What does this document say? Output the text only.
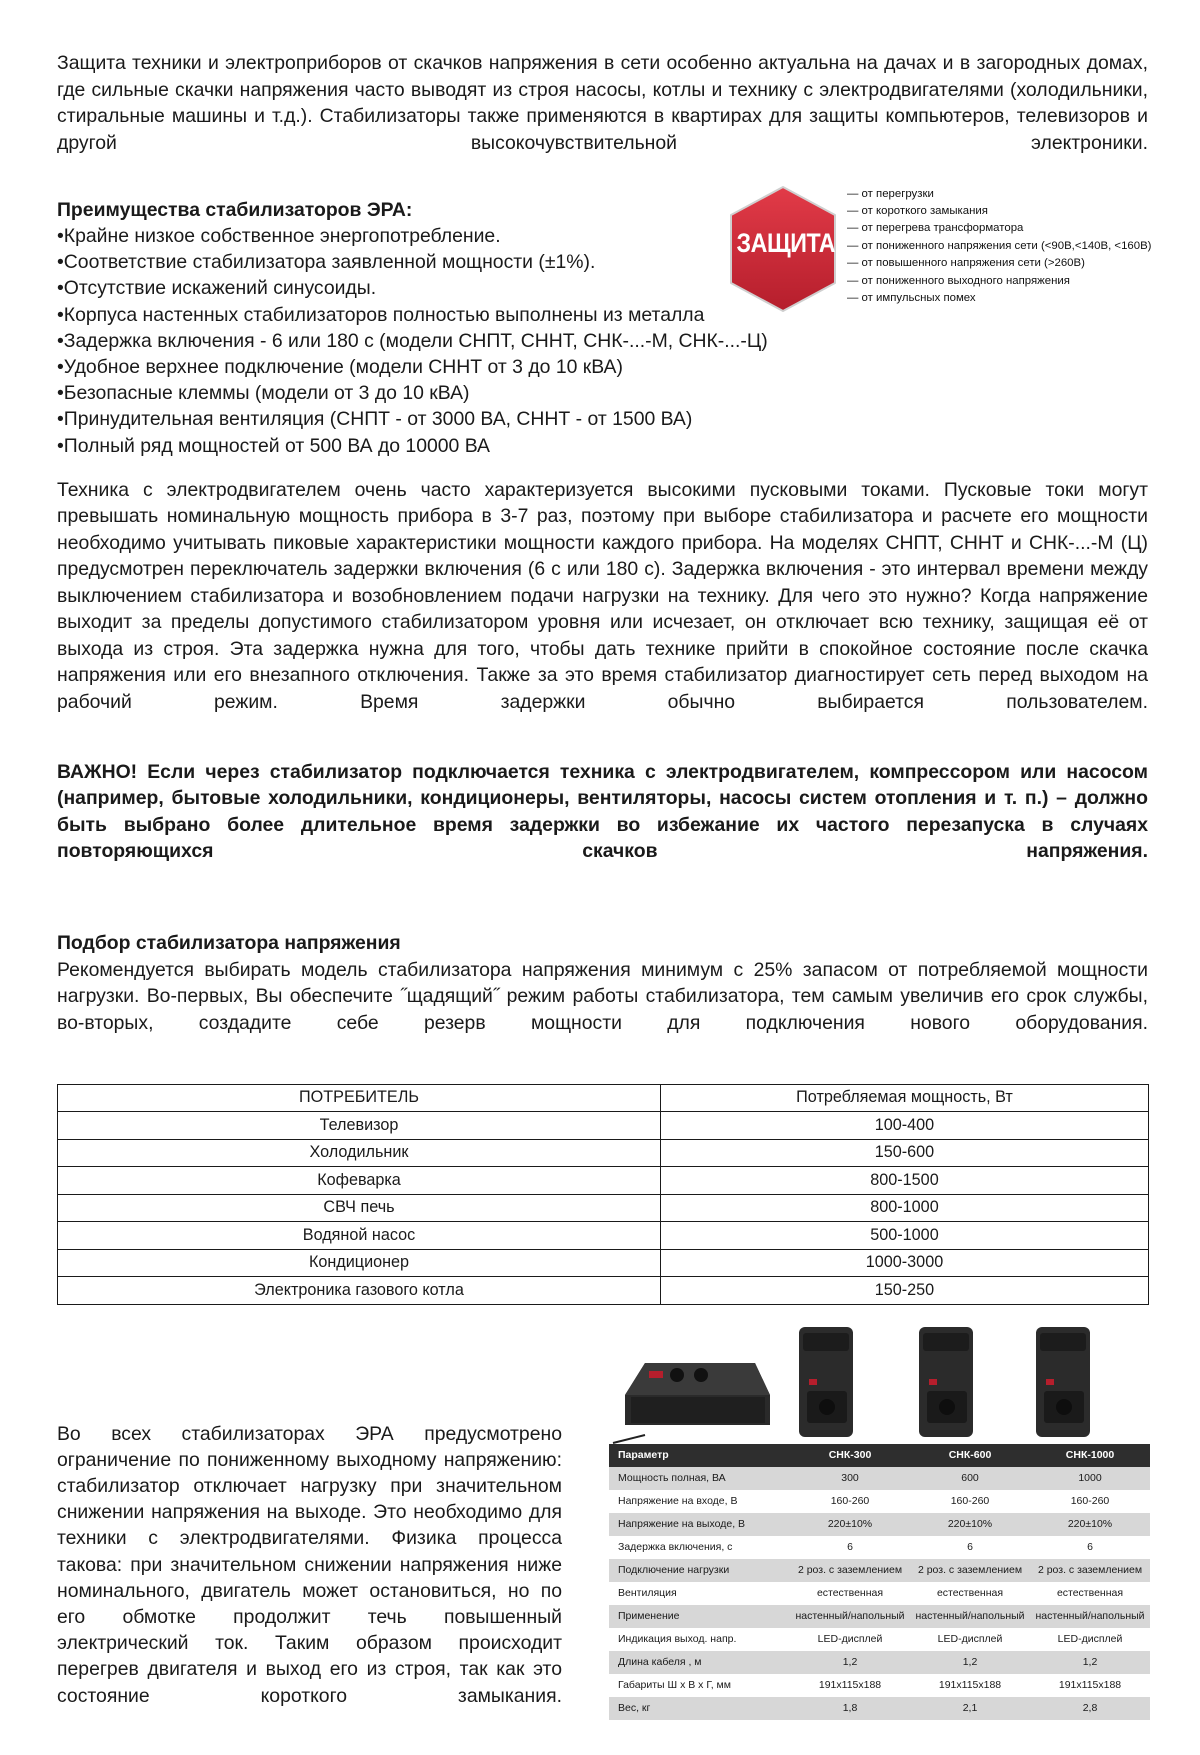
Защита техники и электроприборов от скачков напряжения в сети особенно актуальна на дачах и в загородных домах, где сильные скачки напряжения часто выводят из строя насосы, котлы и технику с электродвигателями (холодильники, стиральные машины и т.д.). Стабилизаторы также применяются в квартирах для защиты компьютеров, телевизоров и другой высокочувствительной электроники.

Преимущества стабилизаторов ЭРА:

• Крайне низкое собственное энергопотребление.
• Соответствие стабилизатора заявленной мощности (±1%).
• Отсутствие искажений синусоиды.
• Корпуса настенных стабилизаторов полностью выполнены из металла
• Задержка включения - 6 или 180 с (модели СНПТ, СННТ, СНК-...-М, СНК-...-Ц)
• Удобное верхнее подключение (модели СННТ от 3 до 10 кВА)
• Безопасные клеммы (модели от 3 до 10 кВА)
• Принудительная вентиляция (СНПТ - от 3000 ВА, СННТ - от 1500 ВА)
• Полный ряд мощностей от 500 ВА до 10000 ВА
ЗАЩИТА
— от перегрузки
— от короткого замыкания
— от перегрева трансформатора
— от пониженного напряжения сети (<90В,<140В, <160В)
— от повышенного напряжения сети (>260В)
— от пониженного выходного напряжения
— от импульсных помех

Техника с электродвигателем очень часто характеризуется высокими пусковыми токами. Пусковые токи могут превышать номинальную мощность прибора в 3-7 раз, поэтому при выборе стабилизатора и расчете его мощности необходимо учитывать пиковые характеристики мощности каждого прибора. На моделях СНПТ, СННТ и СНК-...-М (Ц) предусмотрен переключатель задержки включения (6 с или 180 с). Задержка включения - это интервал времени между выключением стабилизатора и возобновлением подачи нагрузки на технику. Для чего это нужно? Когда напряжение выходит за пределы допустимого стабилизатором уровня или исчезает, он отключает всю технику, защищая её от выхода из строя. Эта задержка нужна для того, чтобы дать технике прийти в спокойное состояние после скачка напряжения или его внезапного отключения. Также за это время стабилизатор диагностирует сеть перед выходом на рабочий режим. Время задержки обычно выбирается пользователем.

ВАЖНО! Если через стабилизатор подключается техника с электродвигателем, компрессором или насосом (например, бытовые холодильники, кондиционеры, вентиляторы, насосы систем отопления и т. п.) – должно быть выбрано более длительное время задержки во избежание их частого перезапуска в случаях повторяющихся скачков напряжения.

Подбор стабилизатора напряжения

Рекомендуется выбирать модель стабилизатора напряжения минимум с 25% запасом от потребляемой мощности нагрузки. Во-первых, Вы обеспечите ˝щадящий˝ режим работы стабилизатора, тем самым увеличив его срок службы, во-вторых, создадите себе резерв мощности для подключения нового оборудования.

ПОТРЕБИТЕЛЬ	Потребляемая мощность, Вт
Телевизор	100-400
Холодильник	150-600
Кофеварка	800-1500
СВЧ печь	800-1000
Водяной насос	500-1000
Кондиционер	1000-3000
Электроника газового котла	150-250

Во всех стабилизаторах ЭРА предусмотрено ограничение по пониженному выходному напряжению: стабилизатор отключает нагрузку при значительном снижении напряжения на выходе. Это необходимо для техники с электродвигателями. Физика процесса такова: при значительном снижении напряжения ниже номинального, двигатель может остановиться, но по его обмотке продолжит течь повышенный электрический ток. Таким образом происходит перегрев двигателя и выход его из строя, так как это состояние короткого замыкания.

Параметр	СНК-300	СНК-600	СНК-1000
Мощность полная, ВА	300	600	1000
Напряжение на входе, В	160-260	160-260	160-260
Напряжение на выходе, В	220±10%	220±10%	220±10%
Задержка включения, с	6	6	6
Подключение нагрузки	2 роз. с заземлением	2 роз. с заземлением	2 роз. с заземлением
Вентиляция	естественная	естественная	естественная
Применение	настенный/напольный	настенный/напольный	настенный/напольный
Индикация выход. напр.	LED-дисплей	LED-дисплей	LED-дисплей
Длина кабеля , м	1,2	1,2	1,2
Габариты Ш х В х Г, мм	191х115х188	191х115х188	191х115х188
Вес, кг	1,8	2,1	2,8
